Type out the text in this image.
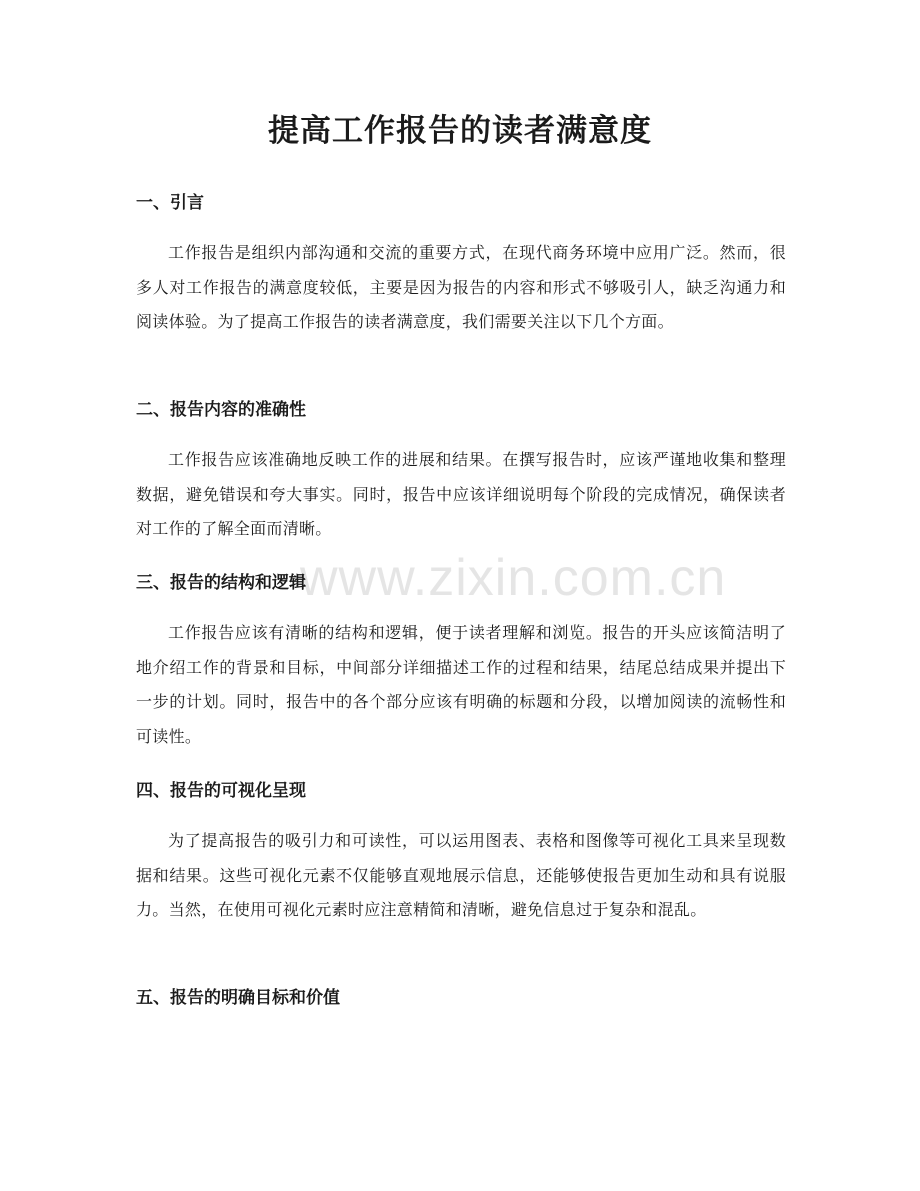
提高工作报告的读者满意度
www.zixin.com.cn
一、引言

工作报告是组织内部沟通和交流的重要方式，在现代商务环境中应用广泛。然而，很多人对工作报告的满意度较低，主要是因为报告的内容和形式不够吸引人，缺乏沟通力和阅读体验。为了提高工作报告的读者满意度，我们需要关注以下几个方面。

二、报告内容的准确性

工作报告应该准确地反映工作的进展和结果。在撰写报告时，应该严谨地收集和整理数据，避免错误和夸大事实。同时，报告中应该详细说明每个阶段的完成情况，确保读者对工作的了解全面而清晰。

三、报告的结构和逻辑

工作报告应该有清晰的结构和逻辑，便于读者理解和浏览。报告的开头应该简洁明了地介绍工作的背景和目标，中间部分详细描述工作的过程和结果，结尾总结成果并提出下一步的计划。同时，报告中的各个部分应该有明确的标题和分段，以增加阅读的流畅性和可读性。

四、报告的可视化呈现

为了提高报告的吸引力和可读性，可以运用图表、表格和图像等可视化工具来呈现数据和结果。这些可视化元素不仅能够直观地展示信息，还能够使报告更加生动和具有说服力。当然，在使用可视化元素时应注意精简和清晰，避免信息过于复杂和混乱。

五、报告的明确目标和价值
